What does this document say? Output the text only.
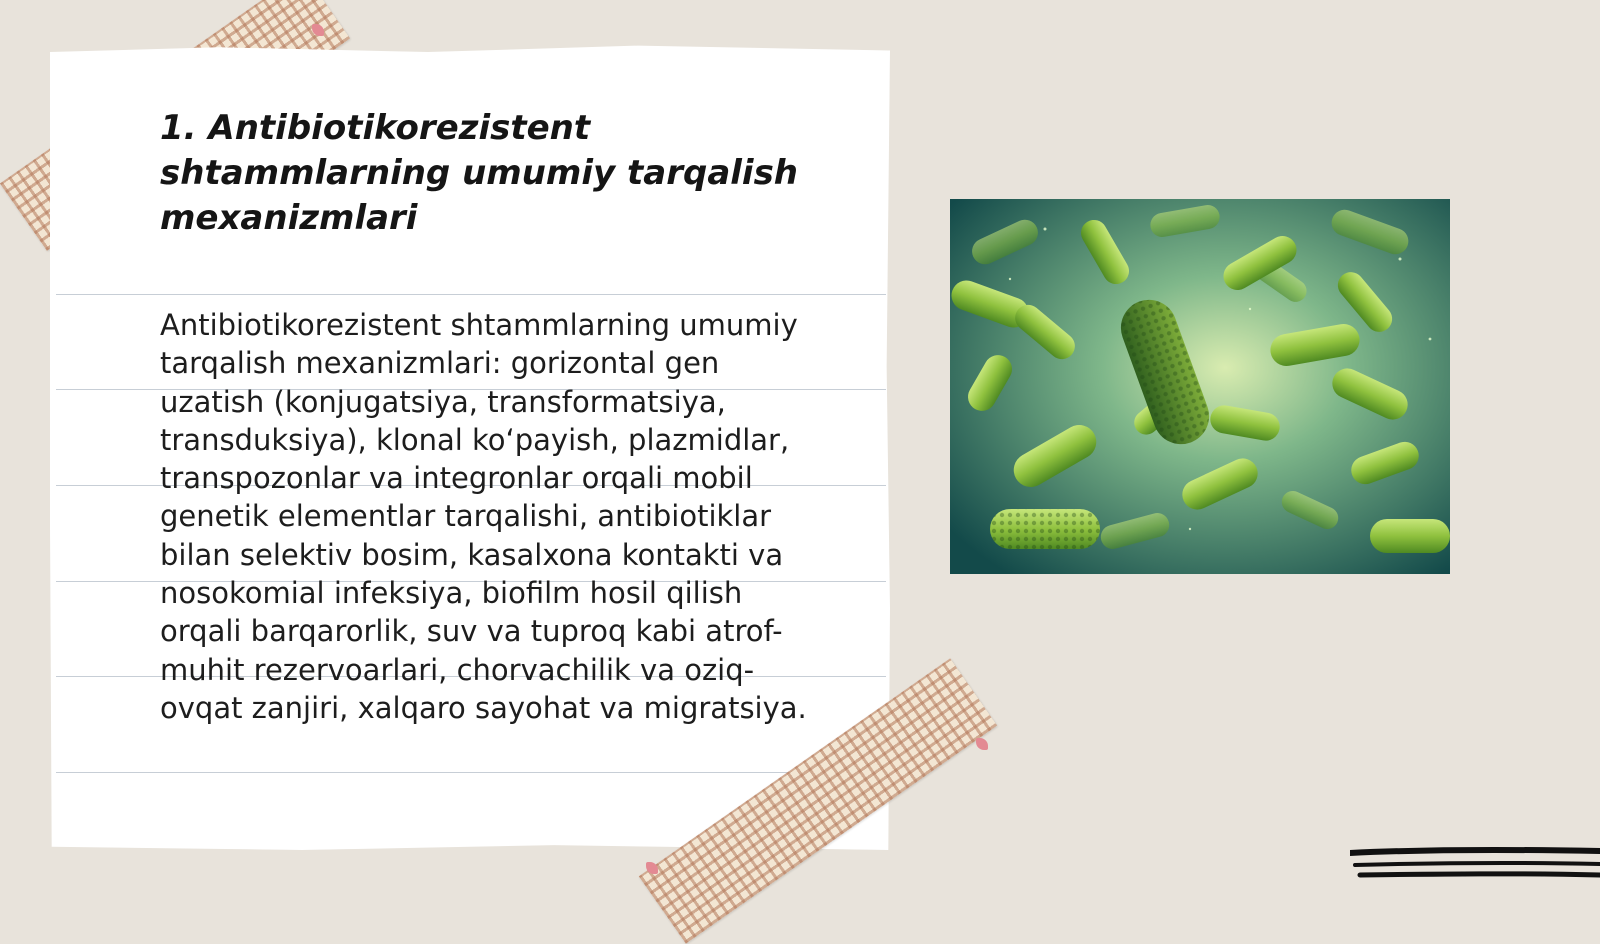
1. Antibiotikorezistent shtammlarning umumiy tarqalish mexanizmlari

Antibiotikorezistent shtammlarning umumiy tarqalish mexanizmlari: gorizontal gen uzatish (konjugatsiya, transformatsiya, transduksiya), klonal ko‘payish, plazmidlar, transpozonlar va integronlar orqali mobil genetik elementlar tarqalishi, antibiotiklar bilan selektiv bosim, kasalxona kontakti va nosokomial infeksiya, biofilm hosil qilish orqali barqarorlik, suv va tuproq kabi atrof-muhit rezervoarlari, chorvachilik va oziq-ovqat zanjiri, xalqaro sayohat va migratsiya.
